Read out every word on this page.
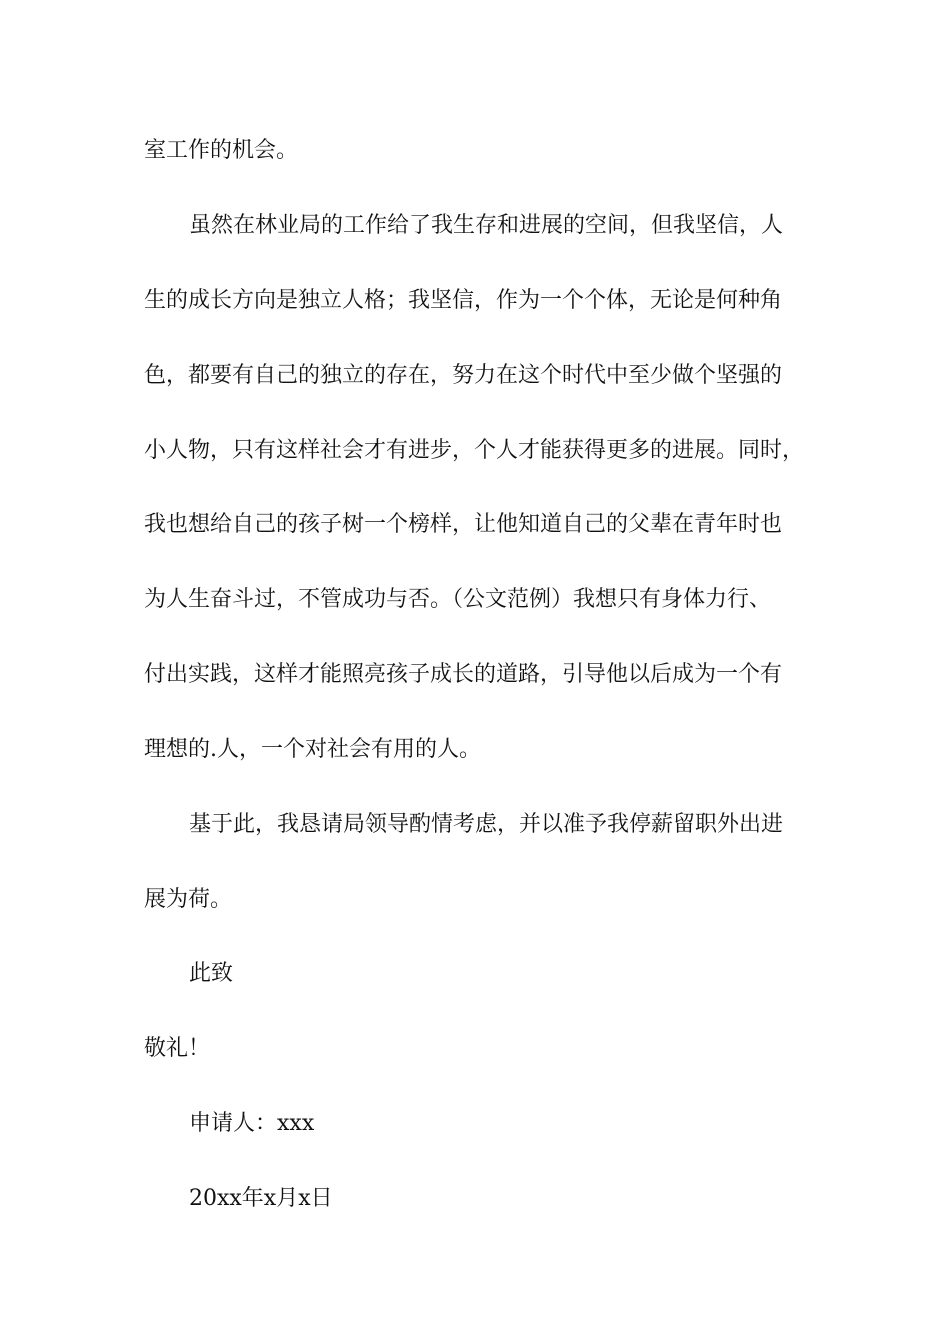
室工作的机会。

虽然在林业局的工作给了我生存和进展的空间，但我坚信，人

生的成长方向是独立人格；我坚信，作为一个个体，无论是何种角

色，都要有自己的独立的存在，努力在这个时代中至少做个坚强的

小人物，只有这样社会才有进步，个人才能获得更多的进展。同时，

我也想给自己的孩子树一个榜样，让他知道自己的父辈在青年时也

为人生奋斗过，不管成功与否。（公文范例）我想只有身体力行、

付出实践，这样才能照亮孩子成长的道路，引导他以后成为一个有

理想的.人，一个对社会有用的人。

基于此，我恳请局领导酌情考虑，并以准予我停薪留职外出进

展为荷。

此致

敬礼！

申请人：xxx

20xx年x月x日
